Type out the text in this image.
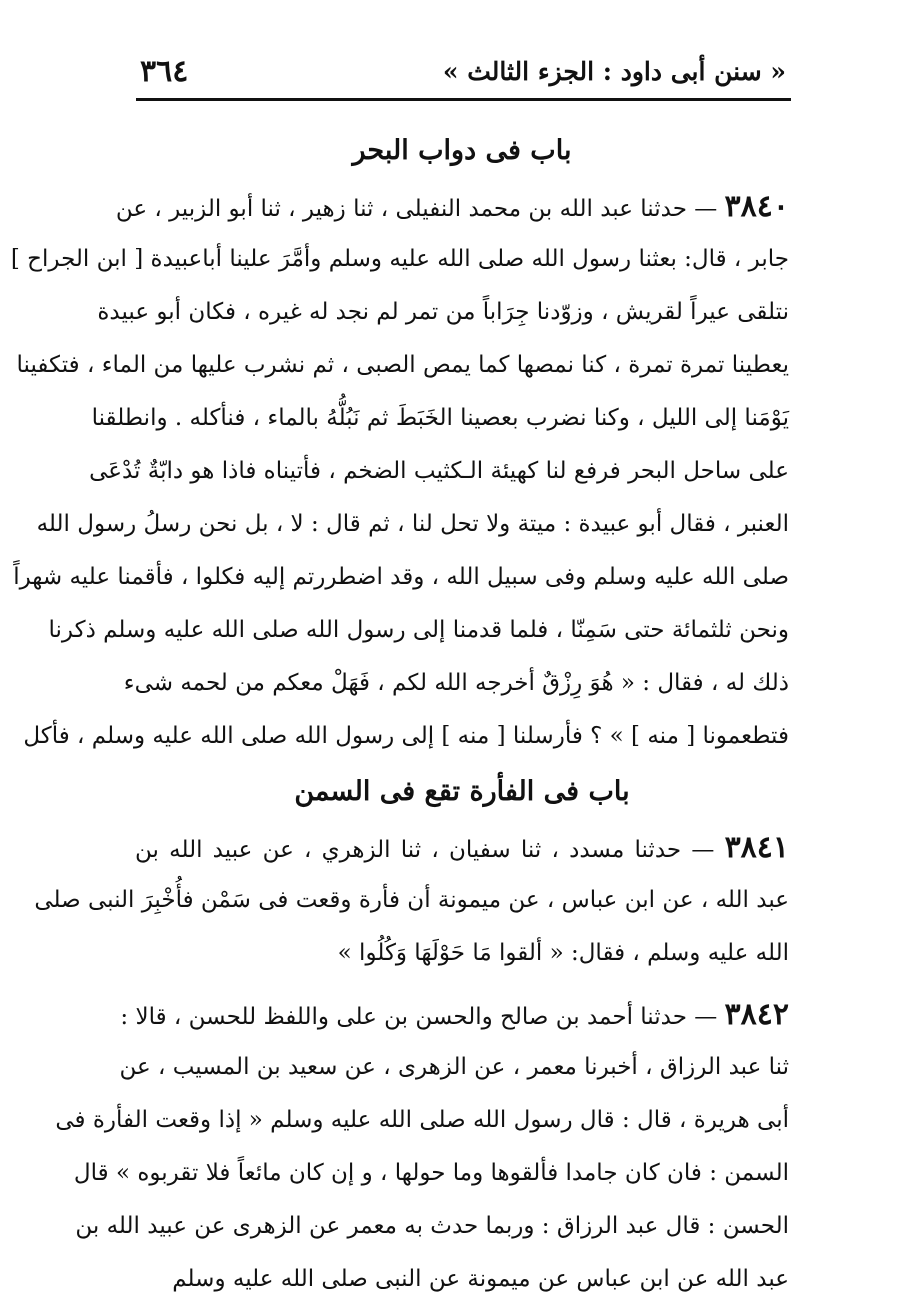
٣٦٤	« سنن أبى داود : الجزء الثالث »
باب فى دواب البحر
٣٨٤٠ — حدثنا عبد الله بن محمد النفيلى ، ثنا زهير ، ثنا أبو الزبير ، عن
جابر ، قال: بعثنا رسول الله صلى الله عليه وسلم وأمَّرَ علينا أباعبيدة [ ابن الجراح ]
نتلقى عيراً لقريش ، وزوّدنا جِرَاباً من تمر لم نجد له غيره ، فكان أبو عبيدة
يعطينا تمرة تمرة ، كنا نمصها كما يمص الصبى ، ثم نشرب عليها من الماء ، فتكفينا
يَوْمَنا إلى الليل ، وكنا نضرب بعصينا الخَبَطَ ثم نَبُلُّهُ بالماء ، فنأكله . وانطلقنا
على ساحل البحر فرفع لنا كهيئة الـكثيب الضخم ، فأتيناه فاذا هو دابّةٌ تُدْعَى
العنبر ، فقال أبو عبيدة : ميتة ولا تحل لنا ، ثم قال : لا ، بل نحن رسلُ رسول الله
صلى الله عليه وسلم وفى سبيل الله ، وقد اضطررتم إليه فكلوا ، فأقمنا عليه شهراً
ونحن ثلثمائة حتى سَمِنّا ، فلما قدمنا إلى رسول الله صلى الله عليه وسلم ذكرنا
ذلك له ، فقال : « هُوَ رِزْقٌ أخرجه الله لكم ، فَهَلْ معكم من لحمه شىء
فتطعمونا [ منه ] » ؟ فأرسلنا [ منه ] إلى رسول الله صلى الله عليه وسلم ، فأكل
باب فى الفأرة تقع فى السمن
٣٨٤١ — حدثنا مسدد ، ثنا سفيان ، ثنا الزهري ، عن عبيد الله بن
عبد الله ، عن ابن عباس ، عن ميمونة أن فأرة وقعت فى سَمْن فأُخْبِرَ النبى صلى
الله عليه وسلم ، فقال: « ألقوا مَا حَوْلَهَا وَكُلُوا »
٣٨٤٢ — حدثنا أحمد بن صالح والحسن بن على واللفظ للحسن ، قالا :
ثنا عبد الرزاق ، أخبرنا معمر ، عن الزهرى ، عن سعيد بن المسيب ، عن
أبى هريرة ، قال : قال رسول الله صلى الله عليه وسلم « إذا وقعت الفأرة فى
السمن : فان كان جامدا فألقوها وما حولها ، و إن كان مائعاً فلا تقربوه » قال
الحسن : قال عبد الرزاق : وربما حدث به معمر عن الزهرى عن عبيد الله بن
عبد الله عن ابن عباس عن ميمونة عن النبى صلى الله عليه وسلم
